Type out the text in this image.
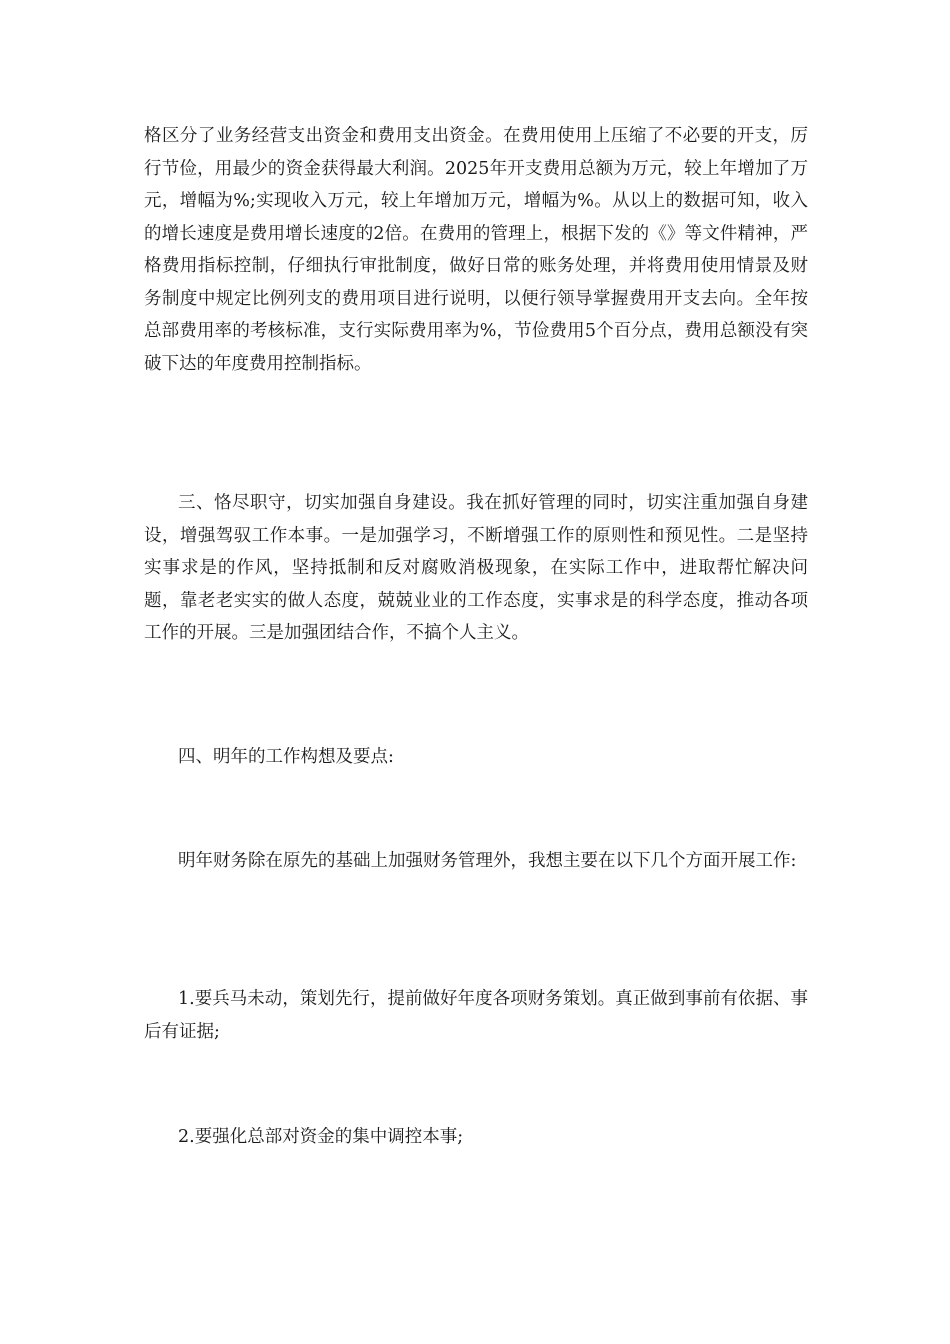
格区分了业务经营支出资金和费用支出资金。在费用使用上压缩了不必要的开支，厉行节俭，用最少的资金获得最大利润。2025年开支费用总额为万元，较上年增加了万元，增幅为%;实现收入万元，较上年增加万元，增幅为%。从以上的数据可知，收入的增长速度是费用增长速度的2倍。在费用的管理上，根据下发的《》等文件精神，严格费用指标控制，仔细执行审批制度，做好日常的账务处理，并将费用使用情景及财务制度中规定比例列支的费用项目进行说明，以便行领导掌握费用开支去向。全年按总部费用率的考核标准，支行实际费用率为%，节俭费用5个百分点，费用总额没有突破下达的年度费用控制指标。

三、恪尽职守，切实加强自身建设。我在抓好管理的同时，切实注重加强自身建设，增强驾驭工作本事。一是加强学习，不断增强工作的原则性和预见性。二是坚持实事求是的作风，坚持抵制和反对腐败消极现象，在实际工作中，进取帮忙解决问题，靠老老实实的做人态度，兢兢业业的工作态度，实事求是的科学态度，推动各项工作的开展。三是加强团结合作，不搞个人主义。

四、明年的工作构想及要点:

明年财务除在原先的基础上加强财务管理外，我想主要在以下几个方面开展工作:

1.要兵马未动，策划先行，提前做好年度各项财务策划。真正做到事前有依据、事后有证据;

2.要强化总部对资金的集中调控本事;
